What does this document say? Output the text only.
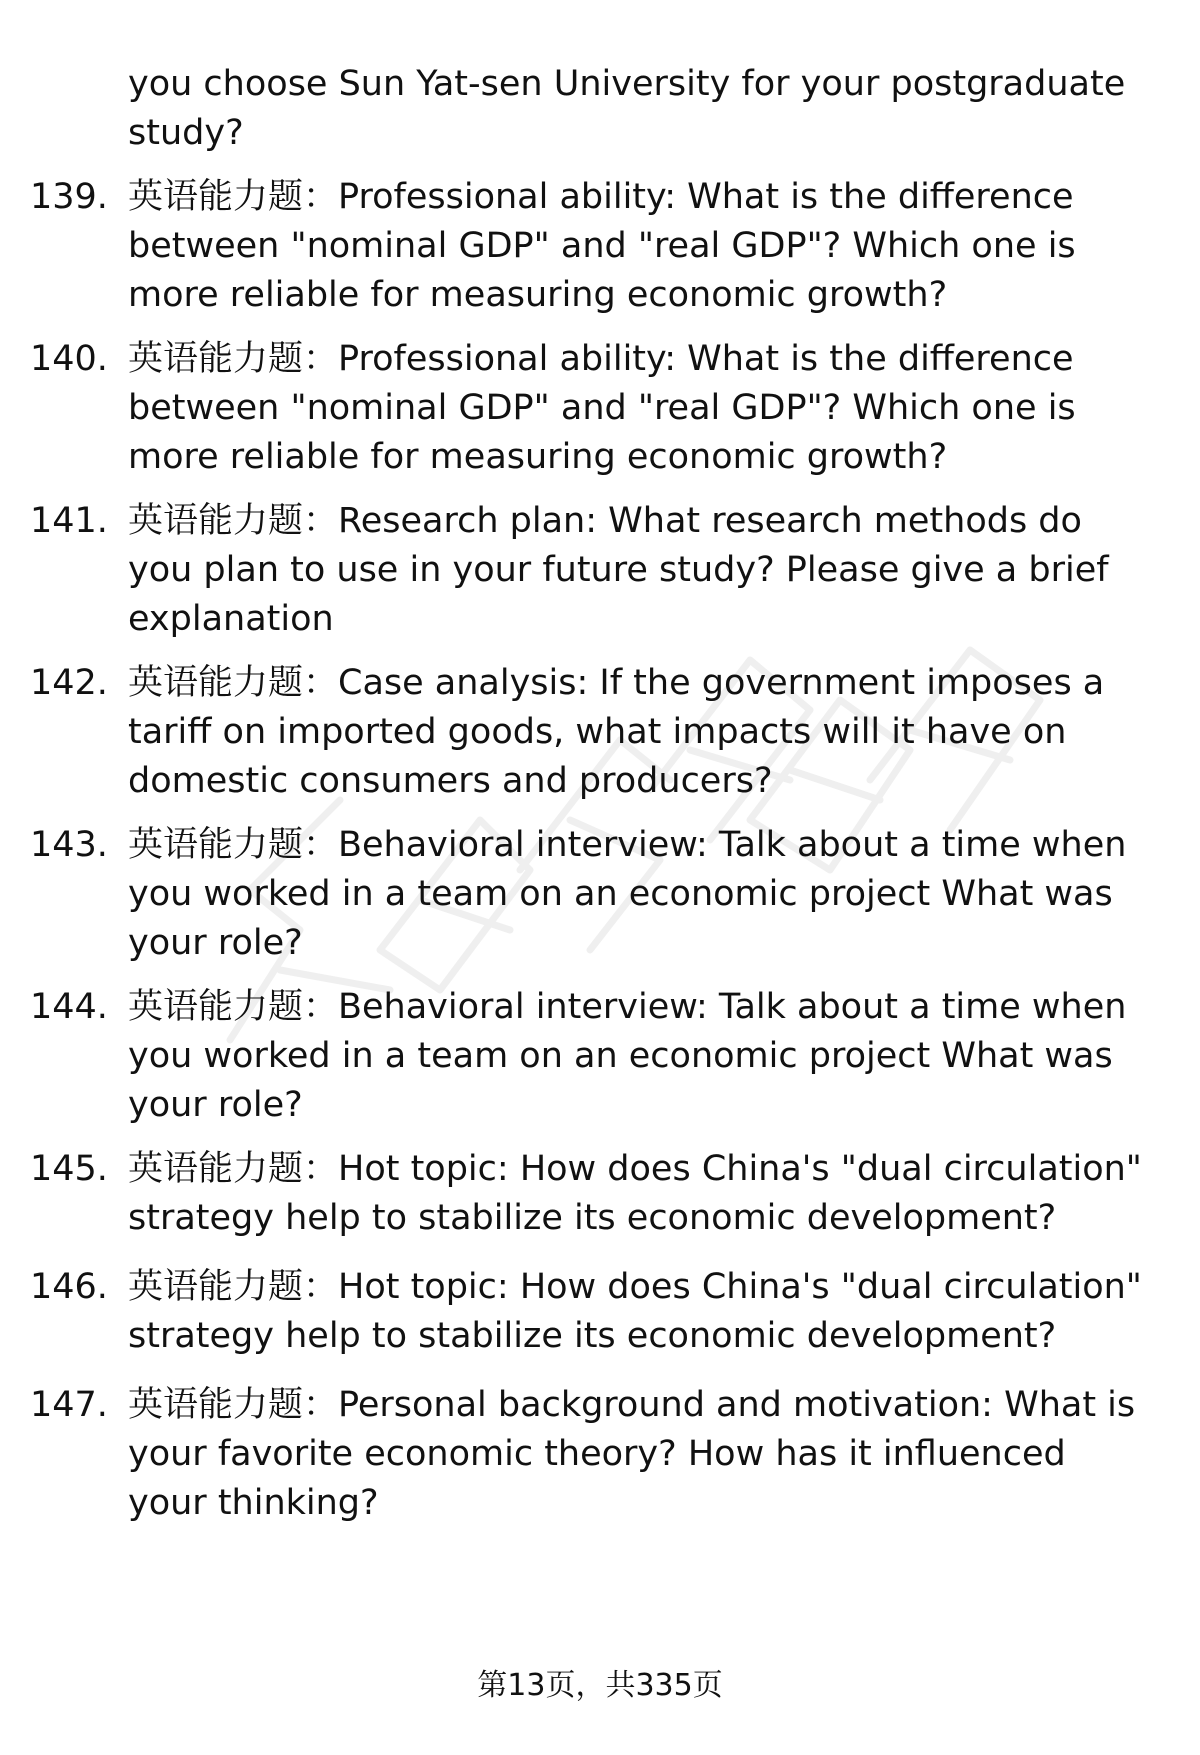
you choose Sun Yat-sen University for your postgraduate study?

139. 英语能力题：Professional ability: What is the difference between "nominal GDP" and "real GDP"? Which one is more reliable for measuring economic growth?

140. 英语能力题：Professional ability: What is the difference between "nominal GDP" and "real GDP"? Which one is more reliable for measuring economic growth?

141. 英语能力题：Research plan: What research methods do you plan to use in your future study? Please give a brief explanation

142. 英语能力题：Case analysis: If the government imposes a tariff on imported goods, what impacts will it have on domestic consumers and producers?

143. 英语能力题：Behavioral interview: Talk about a time when you worked in a team on an economic project What was your role?

144. 英语能力题：Behavioral interview: Talk about a time when you worked in a team on an economic project What was your role?

145. 英语能力题：Hot topic: How does China's "dual circulation" strategy help to stabilize its economic development?

146. 英语能力题：Hot topic: How does China's "dual circulation" strategy help to stabilize its economic development?

147. 英语能力题：Personal background and motivation: What is your favorite economic theory? How has it influenced your thinking?

第13页，共335页
